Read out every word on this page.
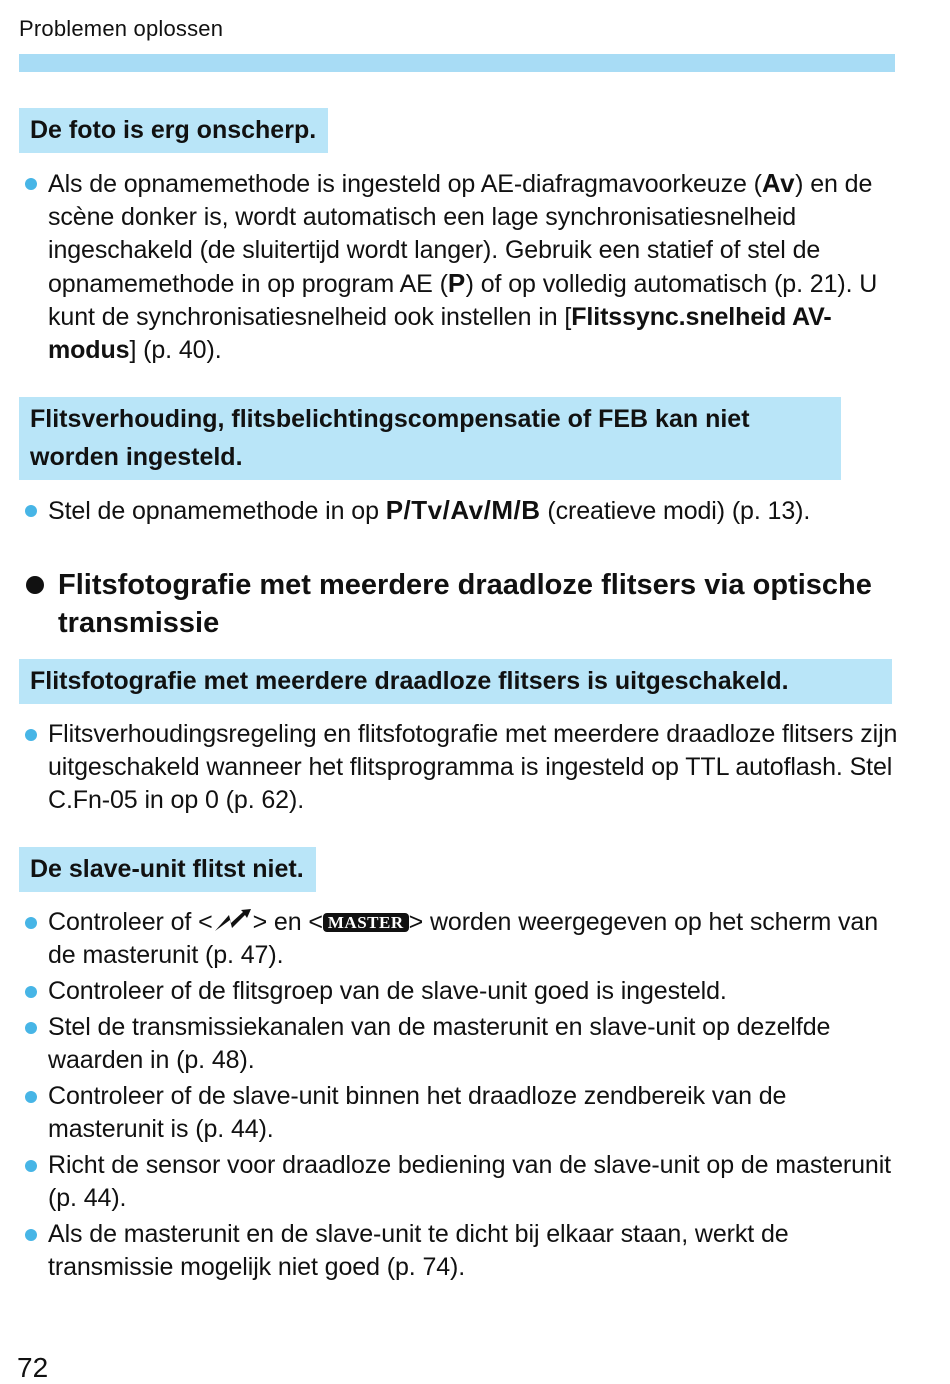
Problemen oplossen
De foto is erg onscherp.
Als de opnamemethode is ingesteld op AE-diafragmavoorkeuze (Av) en de scène donker is, wordt automatisch een lage synchronisatiesnelheid ingeschakeld (de sluitertijd wordt langer). Gebruik een statief of stel de opnamemethode in op program AE (P) of op volledig automatisch (p. 21). U kunt de synchronisatiesnelheid ook instellen in [Flitssync.snelheid AV-modus] (p. 40).
Flitsverhouding, flitsbelichtingscompensatie of FEB kan niet worden ingesteld.
Stel de opnamemethode in op P/Tv/Av/M/B (creatieve modi) (p. 13).
Flitsfotografie met meerdere draadloze flitsers via optische transmissie
Flitsfotografie met meerdere draadloze flitsers is uitgeschakeld.
Flitsverhoudingsregeling en flitsfotografie met meerdere draadloze flitsers zijn uitgeschakeld wanneer het flitsprogramma is ingesteld op TTL autoflash. Stel C.Fn-05 in op 0 (p. 62).
De slave-unit flitst niet.
Controleer of < > en < MASTER > worden weergegeven op het scherm van de masterunit (p. 47).
Controleer of de flitsgroep van de slave-unit goed is ingesteld.
Stel de transmissiekanalen van de masterunit en slave-unit op dezelfde waarden in (p. 48).
Controleer of de slave-unit binnen het draadloze zendbereik van de masterunit is (p. 44).
Richt de sensor voor draadloze bediening van de slave-unit op de masterunit (p. 44).
Als de masterunit en de slave-unit te dicht bij elkaar staan, werkt de transmissie mogelijk niet goed (p. 74).
72
